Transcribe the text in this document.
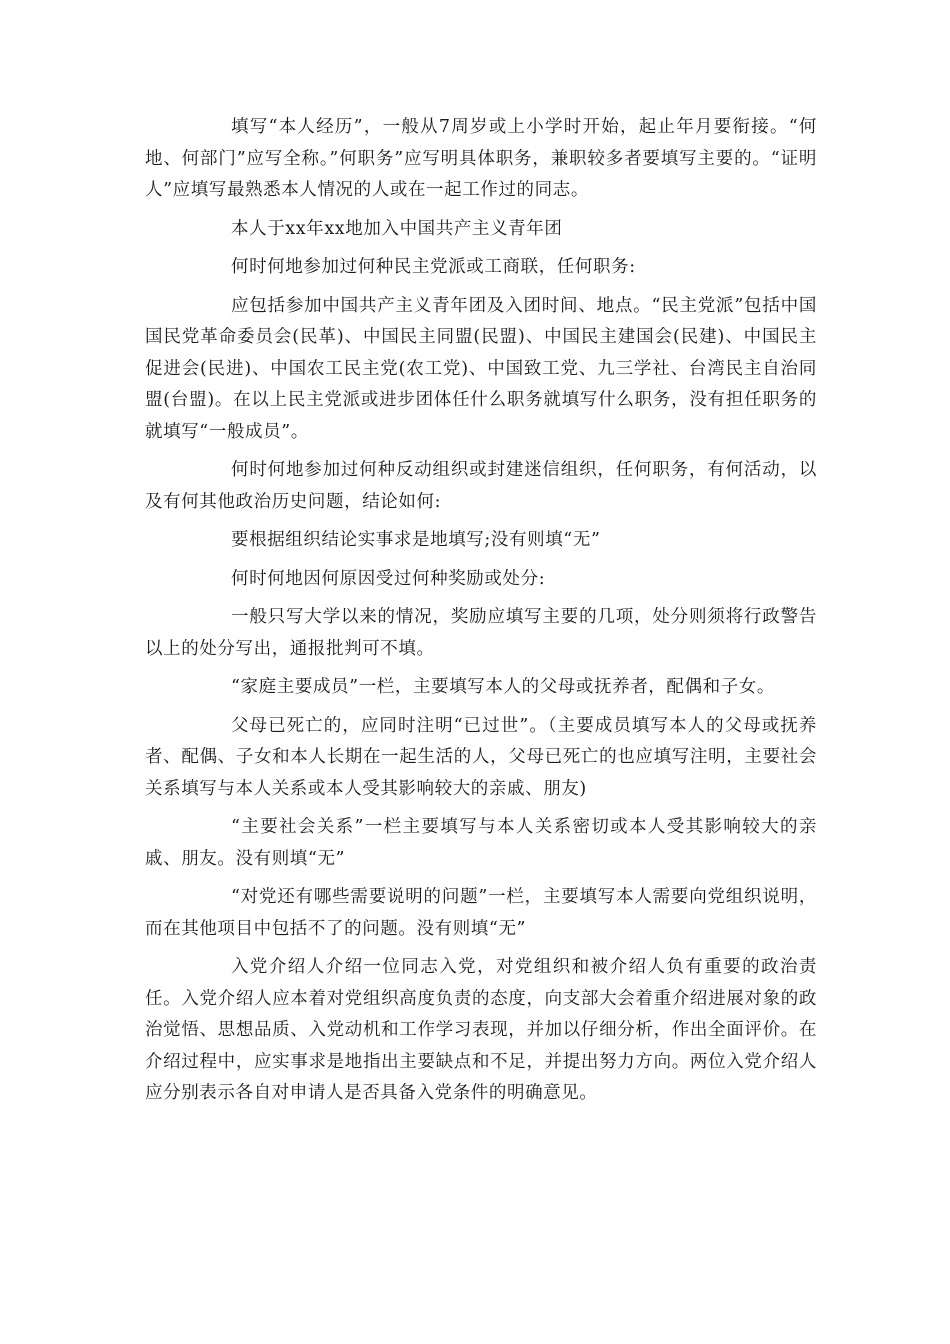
填写“本人经历”，一般从7周岁或上小学时开始，起止年月要衔接。“何地、何部门”应写全称。”何职务”应写明具体职务，兼职较多者要填写主要的。“证明人”应填写最熟悉本人情况的人或在一起工作过的同志。

本人于xx年xx地加入中国共产主义青年团

何时何地参加过何种民主党派或工商联，任何职务:

应包括参加中国共产主义青年团及入团时间、地点。“民主党派”包括中国国民党革命委员会(民革)、中国民主同盟(民盟)、中国民主建国会(民建)、中国民主促进会(民进)、中国农工民主党(农工党)、中国致工党、九三学社、台湾民主自治同盟(台盟)。在以上民主党派或进步团体任什么职务就填写什么职务，没有担任职务的就填写“一般成员”。

何时何地参加过何种反动组织或封建迷信组织，任何职务，有何活动，以及有何其他政治历史问题，结论如何:

要根据组织结论实事求是地填写;没有则填“无”

何时何地因何原因受过何种奖励或处分:

一般只写大学以来的情况，奖励应填写主要的几项，处分则须将行政警告以上的处分写出，通报批判可不填。

“家庭主要成员”一栏，主要填写本人的父母或抚养者，配偶和子女。

父母已死亡的，应同时注明“已过世”。（主要成员填写本人的父母或抚养者、配偶、子女和本人长期在一起生活的人，父母已死亡的也应填写注明，主要社会关系填写与本人关系或本人受其影响较大的亲戚、朋友)

“主要社会关系”一栏主要填写与本人关系密切或本人受其影响较大的亲戚、朋友。没有则填“无”

“对党还有哪些需要说明的问题”一栏，主要填写本人需要向党组织说明，而在其他项目中包括不了的问题。没有则填“无”

入党介绍人介绍一位同志入党，对党组织和被介绍人负有重要的政治责任。入党介绍人应本着对党组织高度负责的态度，向支部大会着重介绍进展对象的政治觉悟、思想品质、入党动机和工作学习表现，并加以仔细分析，作出全面评价。在介绍过程中，应实事求是地指出主要缺点和不足，并提出努力方向。两位入党介绍人应分别表示各自对申请人是否具备入党条件的明确意见。
